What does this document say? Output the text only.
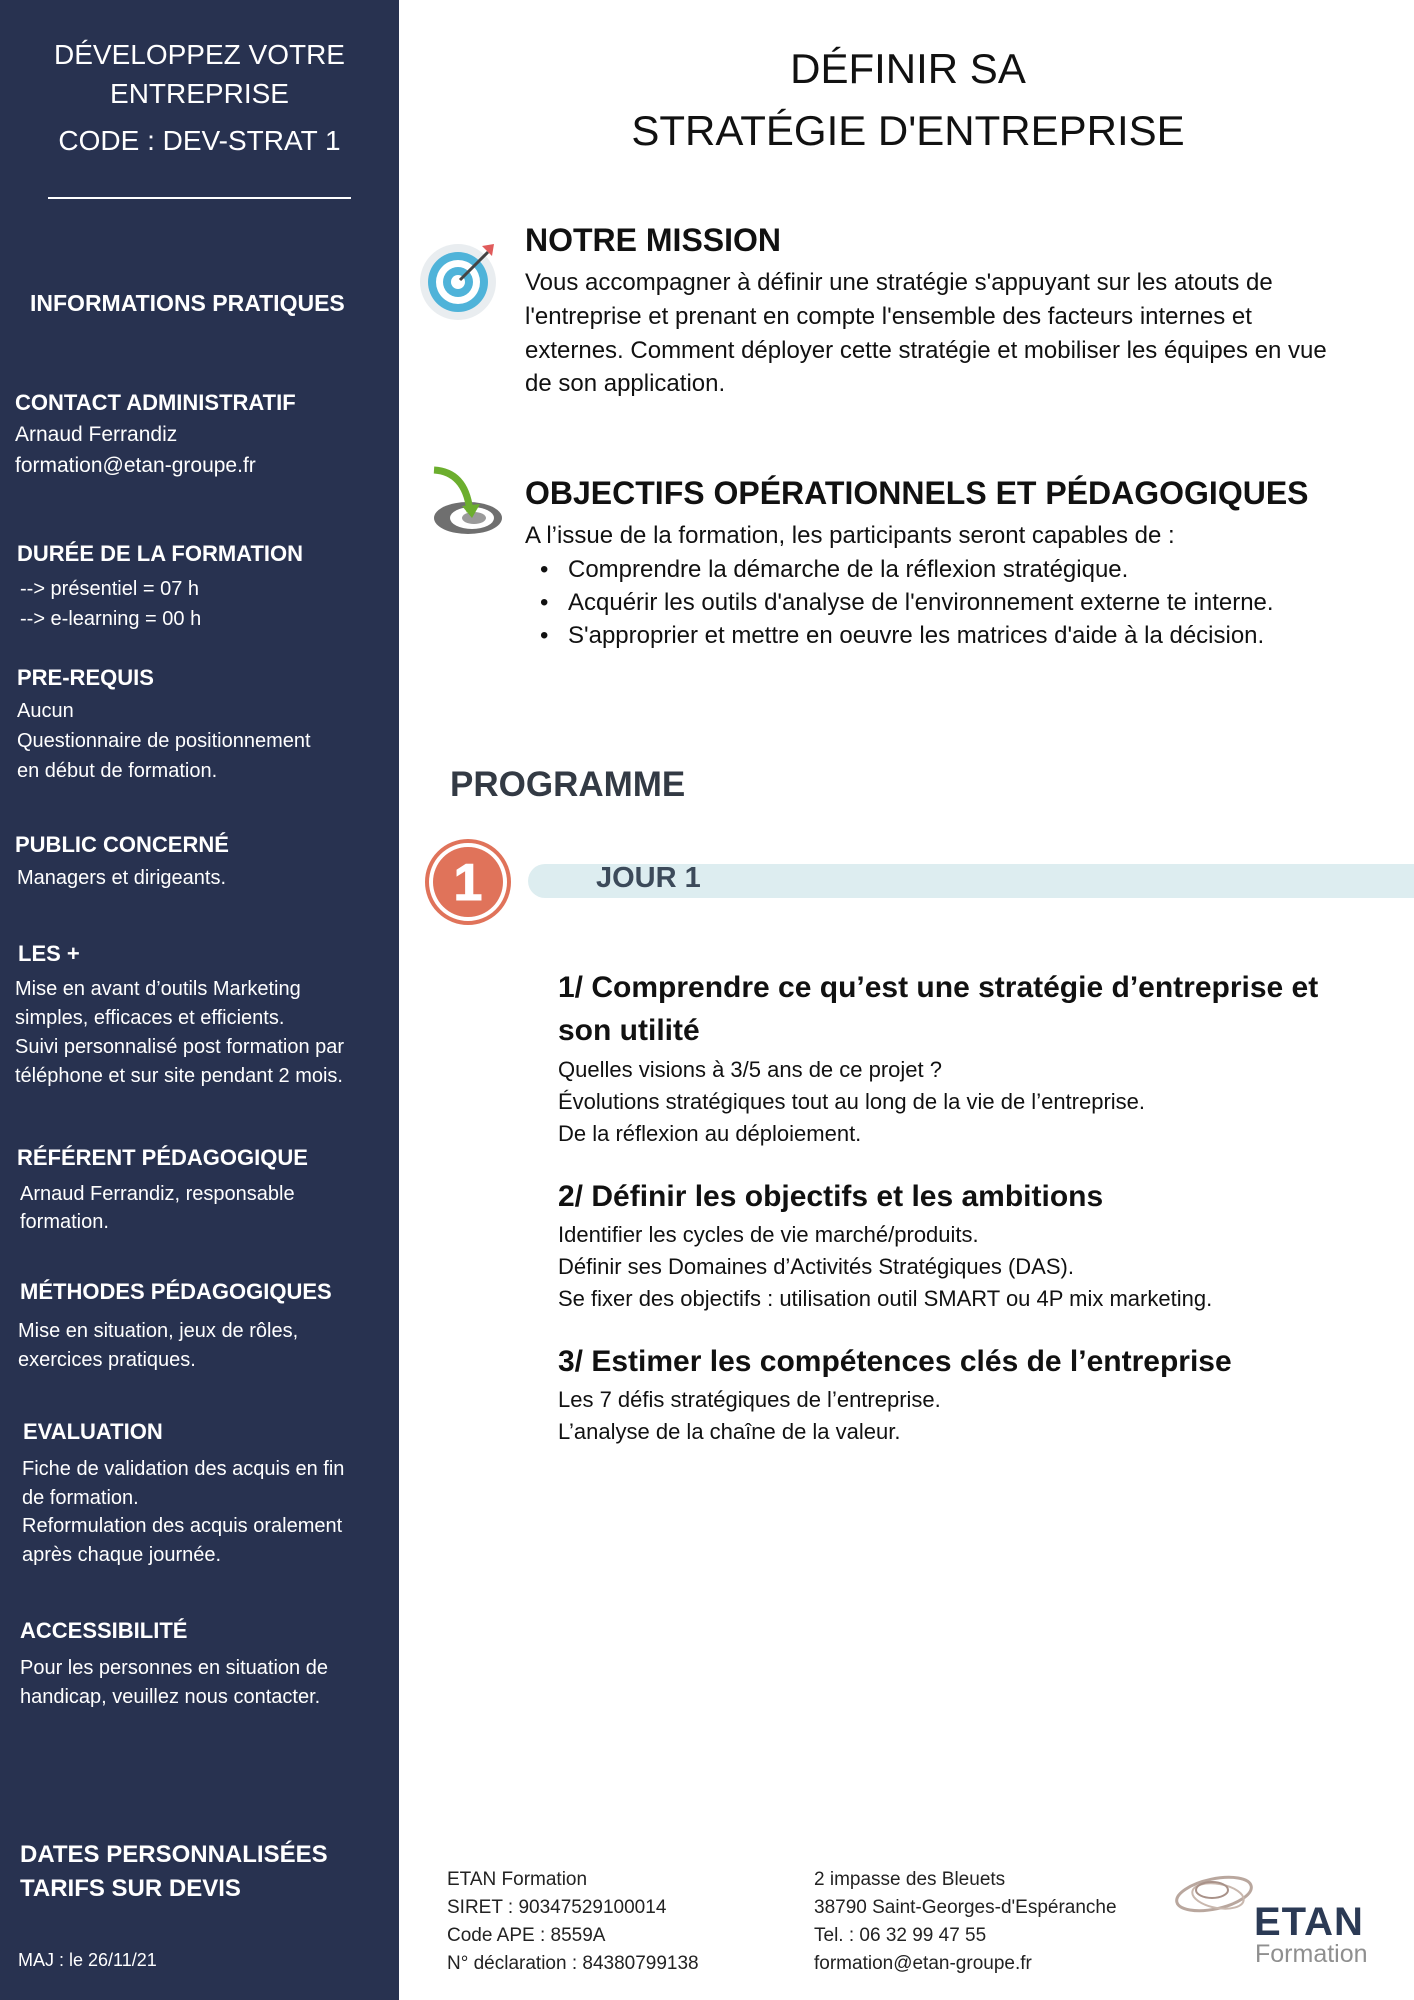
DÉVELOPPEZ VOTRE
ENTREPRISE
CODE : DEV-STRAT 1
INFORMATIONS PRATIQUES
CONTACT ADMINISTRATIF
Arnaud Ferrandiz
formation@etan-groupe.fr
DURÉE DE LA FORMATION
--> présentiel = 07 h
--> e-learning = 00 h
PRE-REQUIS
Aucun
Questionnaire de positionnement
en début de formation.
PUBLIC CONCERNÉ
Managers et dirigeants.
LES +
Mise en avant d’outils Marketing
simples, efficaces et efficients.
Suivi personnalisé post formation par
téléphone et sur site pendant 2 mois.
RÉFÉRENT PÉDAGOGIQUE
Arnaud Ferrandiz, responsable
formation.
MÉTHODES PÉDAGOGIQUES
Mise en situation, jeux de rôles,
exercices pratiques.
EVALUATION
Fiche de validation des acquis en fin
de formation.
Reformulation des acquis oralement
après chaque journée.
ACCESSIBILITÉ
Pour les personnes en situation de
handicap, veuillez nous contacter.
DATES PERSONNALISÉES
TARIFS SUR DEVIS
MAJ : le 26/11/21
DÉFINIR SA
STRATÉGIE D'ENTREPRISE
NOTRE MISSION
Vous accompagner à définir une stratégie s'appuyant sur les atouts de
l'entreprise et prenant en compte l'ensemble des facteurs internes et
externes. Comment déployer cette stratégie et mobiliser les équipes en vue
de son application.
OBJECTIFS OPÉRATIONNELS ET PÉDAGOGIQUES
A l’issue de la formation, les participants seront capables de :
• Comprendre la démarche de la réflexion stratégique.
• Acquérir les outils d'analyse de l'environnement externe te interne.
• S'approprier et mettre en oeuvre les matrices d'aide à la décision.
PROGRAMME
1	JOUR 1
1/ Comprendre ce qu’est une stratégie d’entreprise et
son utilité
Quelles visions à 3/5 ans de ce projet ?
Évolutions stratégiques tout au long de la vie de l’entreprise.
De la réflexion au déploiement.
2/ Définir les objectifs et les ambitions
Identifier les cycles de vie marché/produits.
Définir ses Domaines d’Activités Stratégiques (DAS).
Se fixer des objectifs : utilisation outil SMART ou 4P mix marketing.
3/ Estimer les compétences clés de l’entreprise
Les 7 défis stratégiques de l’entreprise.
L’analyse de la chaîne de la valeur.
ETAN Formation
SIRET : 90347529100014
Code APE : 8559A
N° déclaration : 84380799138
2 impasse des Bleuets
38790 Saint-Georges-d'Espéranche
Tel. : 06 32 99 47 55
formation@etan-groupe.fr
ETAN
Formation
